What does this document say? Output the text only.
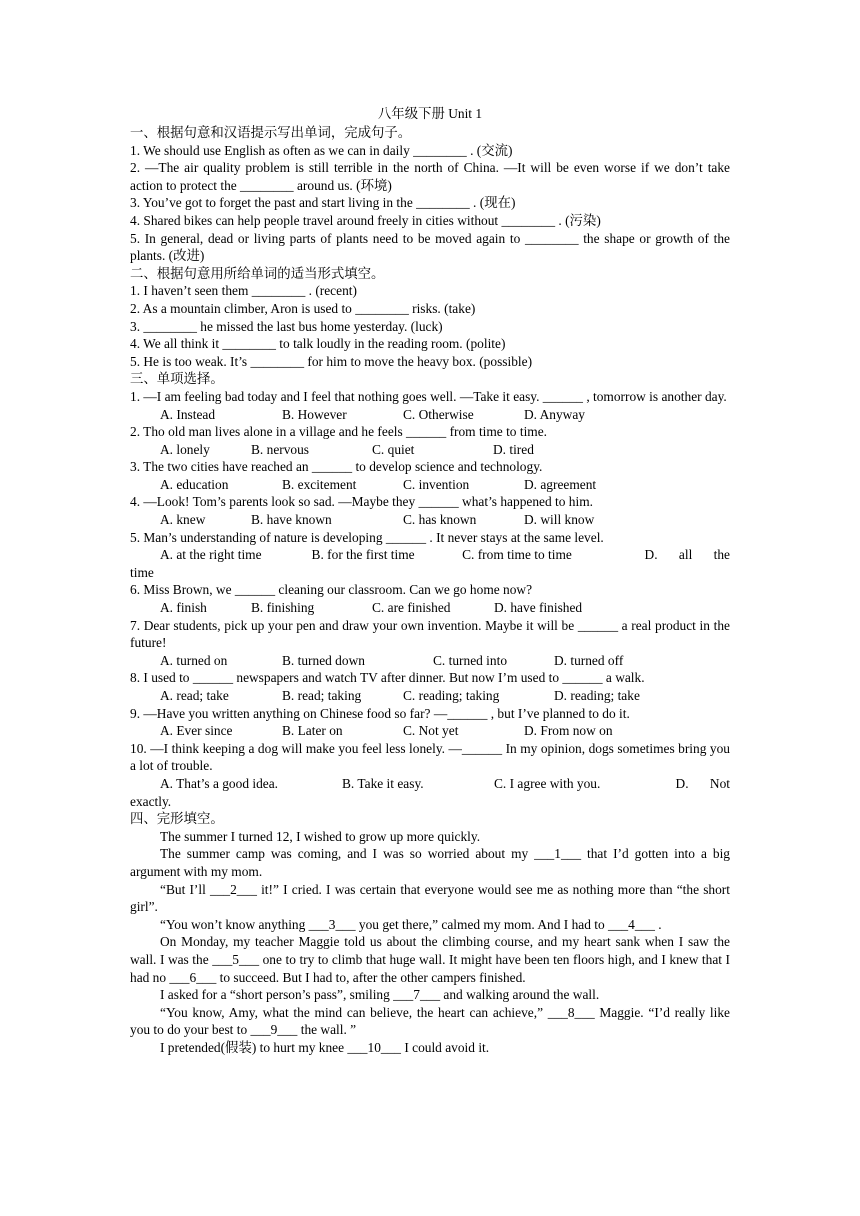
八年级下册 Unit 1

一、根据句意和汉语提示写出单词，完成句子。

1. We should use English as often as we can in daily ________ . (交流)

2. —The air quality problem is still terrible in the north of China. —It will be even worse if we don’t take action to protect the ________ around us. (环境)

3. You’ve got to forget the past and start living in the ________ . (现在)

4. Shared bikes can help people travel around freely in cities without ________ . (污染)

5. In general, dead or living parts of plants need to be moved again to ________ the shape or growth of the plants. (改进)

二、根据句意用所给单词的适当形式填空。

1. I haven’t seen them ________ . (recent)

2. As a mountain climber, Aron is used to ________ risks. (take)

3. ________ he missed the last bus home yesterday. (luck)

4. We all think it ________ to talk loudly in the reading room. (polite)

5. He is too weak. It’s ________ for him to move the heavy box. (possible)

三、单项选择。

1. —I am feeling bad today and I feel that nothing goes well. —Take it easy. ______ , tomorrow is another day.

A. Instead	B. However	C. Otherwise	D. Anyway

2. Tho old man lives alone in a village and he feels ______ from time to time.

A. lonely	B. nervous	C. quiet	D. tired

3. The two cities have reached an ______ to develop science and technology.

A. education	B. excitement	C. invention	D. agreement

4. —Look! Tom’s parents look so sad. —Maybe they ______ what’s happened to him.

A. knew	B. have known	C. has known	D. will know

5. Man’s understanding of nature is developing ______ . It never stays at the same level.

A. at the right time	B. for the first time	C. from time to time	D. all the

time

6. Miss Brown, we ______ cleaning our classroom. Can we go home now?

A. finish	B. finishing	C. are finished	D. have finished

7. Dear students, pick up your pen and draw your own invention. Maybe it will be ______ a real product in the future!

A. turned on	B. turned down	C. turned into	D. turned off

8. I used to ______ newspapers and watch TV after dinner. But now I’m used to ______ a walk.

A. read; take	B. read; taking	C. reading; taking	D. reading; take

9. —Have you written anything on Chinese food so far? —______ , but I’ve planned to do it.

A. Ever since	B. Later on	C. Not yet	D. From now on

10. —I think keeping a dog will make you feel less lonely. —______ In my opinion, dogs sometimes bring you a lot of trouble.

A. That’s a good idea.	B. Take it easy.	C. I agree with you.	D. Not

exactly.

四、完形填空。

The summer I turned 12, I wished to grow up more quickly.

The summer camp was coming, and I was so worried about my ___1___ that I’d gotten into a big argument with my mom.

“But I’ll ___2___ it!” I cried. I was certain that everyone would see me as nothing more than “the short girl”.

“You won’t know anything ___3___ you get there,” calmed my mom. And I had to ___4___ .

On Monday, my teacher Maggie told us about the climbing course, and my heart sank when I saw the wall. I was the ___5___ one to try to climb that huge wall. It might have been ten floors high, and I knew that I had no ___6___ to succeed. But I had to, after the other campers finished.

I asked for a “short person’s pass”, smiling ___7___ and walking around the wall.

“You know, Amy, what the mind can believe, the heart can achieve,” ___8___ Maggie. “I’d really like you to do your best to ___9___ the wall. ”

I pretended(假装) to hurt my knee ___10___ I could avoid it.
